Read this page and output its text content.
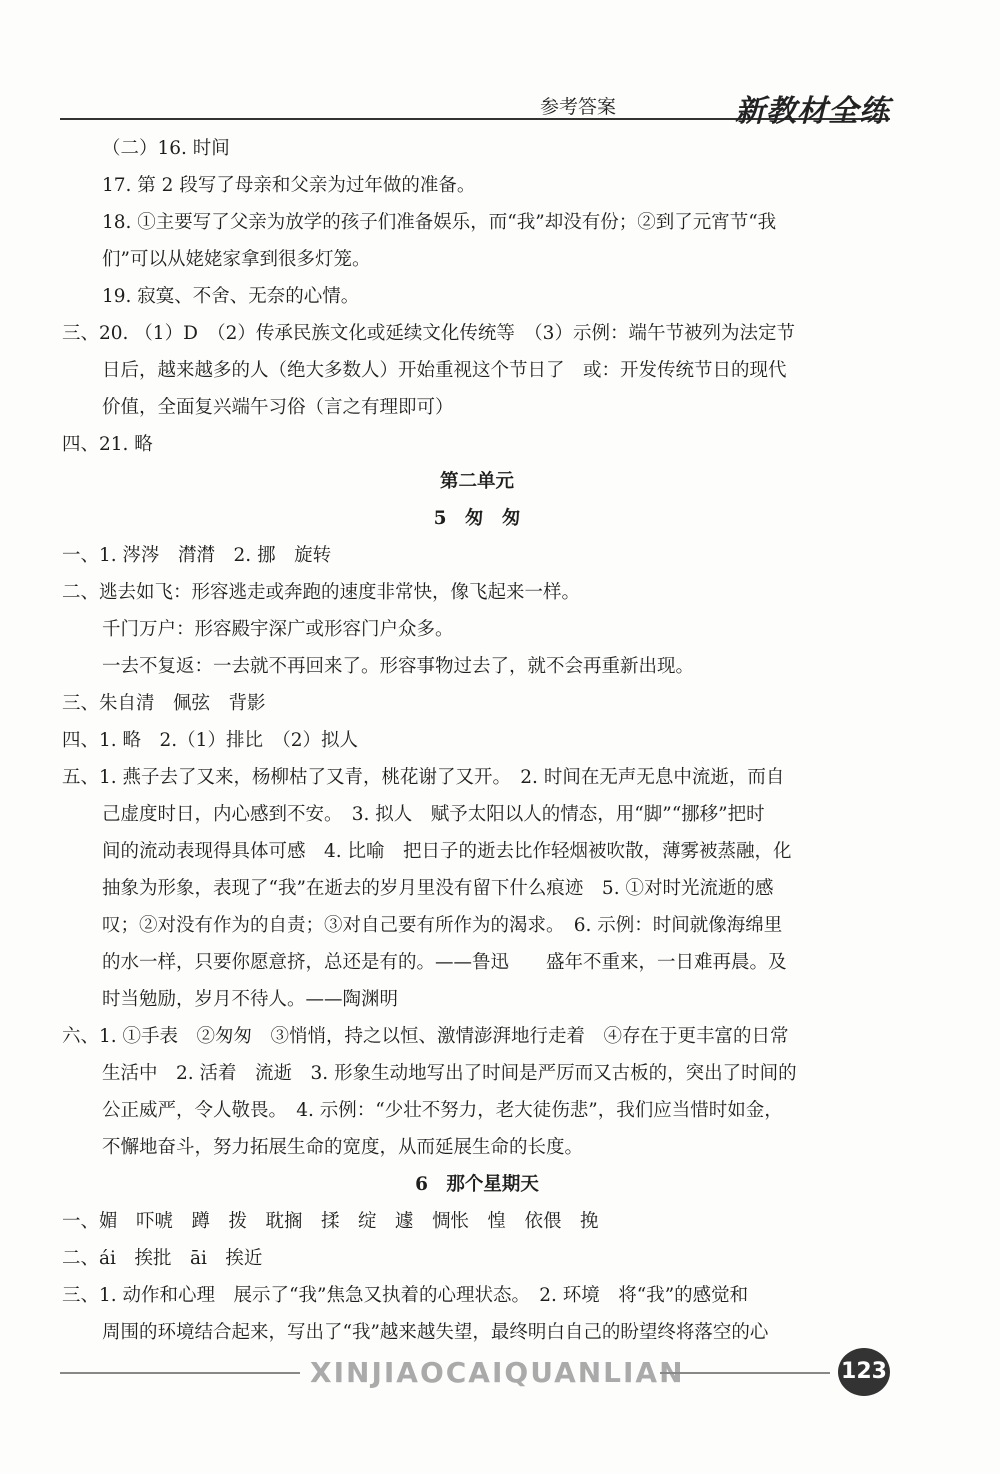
参考答案	新教材全练
（二）16. 时间
17. 第 2 段写了母亲和父亲为过年做的准备。
18. ①主要写了父亲为放学的孩子们准备娱乐，而“我”却没有份；②到了元宵节“我
们”可以从姥姥家拿到很多灯笼。
19. 寂寞、不舍、无奈的心情。
三、20. （1）D　（2）传承民族文化或延续文化传统等　（3）示例：端午节被列为法定节
日后，越来越多的人（绝大多数人）开始重视这个节日了　或：开发传统节日的现代
价值，全面复兴端午习俗（言之有理即可）
四、21. 略
第二单元
5　匆　匆
一、1. 涔涔　潸潸　2. 挪　旋转
二、逃去如飞：形容逃走或奔跑的速度非常快，像飞起来一样。
千门万户：形容殿宇深广或形容门户众多。
一去不复返：一去就不再回来了。形容事物过去了，就不会再重新出现。
三、朱自清　佩弦　背影
四、1. 略　2.（1）排比　（2）拟人
五、1. 燕子去了又来，杨柳枯了又青，桃花谢了又开。　2. 时间在无声无息中流逝，而自
己虚度时日，内心感到不安。　3. 拟人　赋予太阳以人的情态，用“脚”“挪移”把时
间的流动表现得具体可感　4. 比喻　把日子的逝去比作轻烟被吹散，薄雾被蒸融，化
抽象为形象，表现了“我”在逝去的岁月里没有留下什么痕迹　5. ①对时光流逝的感
叹；②对没有作为的自责；③对自己要有所作为的渴求。　6. 示例：时间就像海绵里
的水一样，只要你愿意挤，总还是有的。——鲁迅　　盛年不重来，一日难再晨。及
时当勉励，岁月不待人。——陶渊明
六、1. ①手表　②匆匆　③悄悄，持之以恒、激情澎湃地行走着　④存在于更丰富的日常
生活中　2. 活着　流逝　3. 形象生动地写出了时间是严厉而又古板的，突出了时间的
公正威严，令人敬畏。　4. 示例：“少壮不努力，老大徒伤悲”，我们应当惜时如金，
不懈地奋斗，努力拓展生命的宽度，从而延展生命的长度。
6　那个星期天
一、媚　吓唬　蹲　拨　耽搁　揉　绽　遽　惆怅　惶　依偎　挽
二、ái　挨批　āi　挨近
三、1. 动作和心理　展示了“我”焦急又执着的心理状态。　2. 环境　将“我”的感觉和
周围的环境结合起来，写出了“我”越来越失望，最终明白自己的盼望终将落空的心
XINJIAOCAIQUANLIAN	123
